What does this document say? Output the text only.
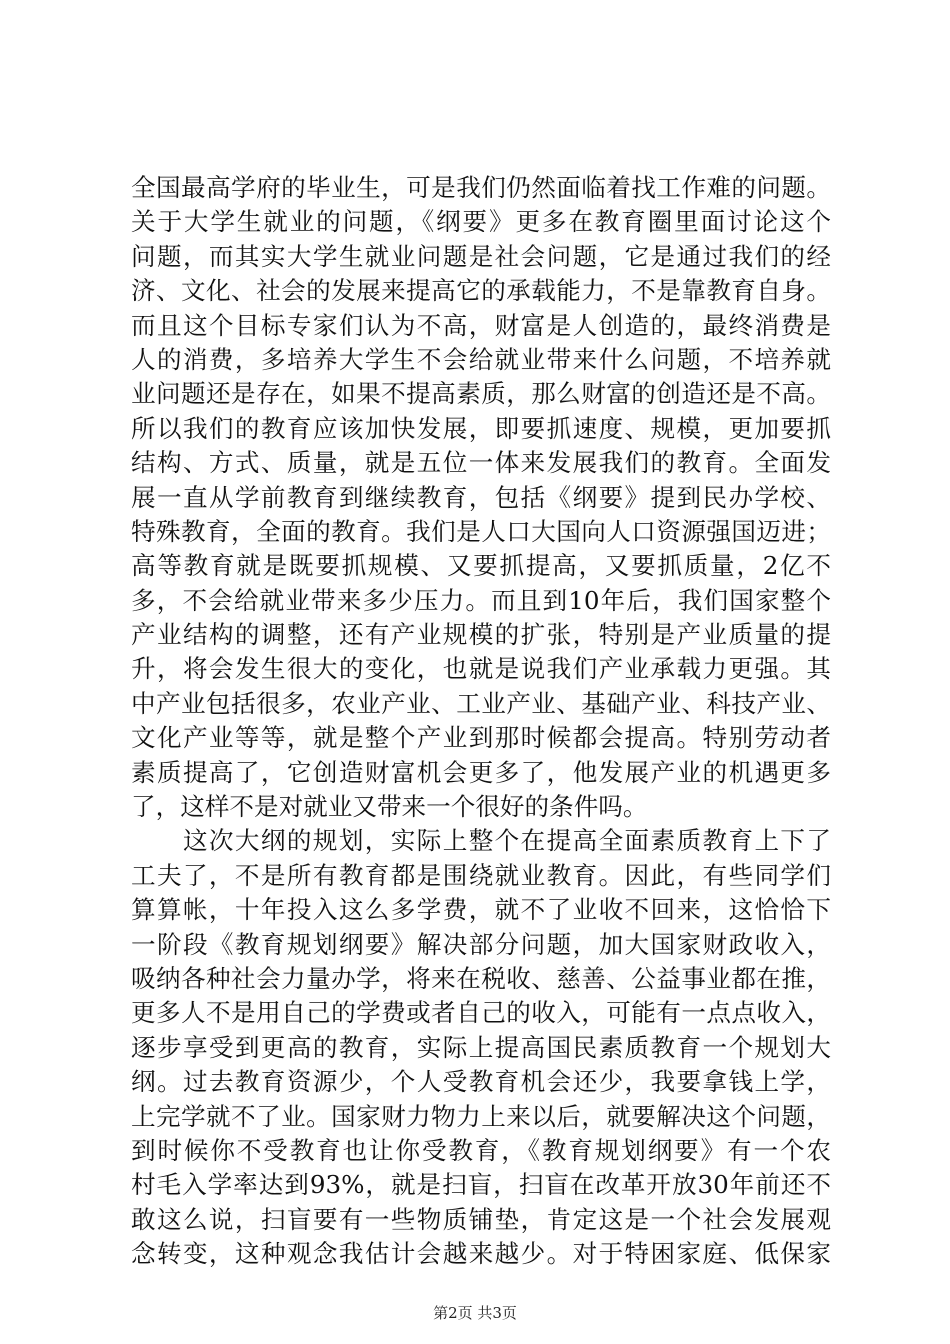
全国最高学府的毕业生，可是我们仍然面临着找工作难的问题。
关于大学生就业的问题，《纲要》更多在教育圈里面讨论这个
问题，而其实大学生就业问题是社会问题，它是通过我们的经
济、文化、社会的发展来提高它的承载能力，不是靠教育自身。
而且这个目标专家们认为不高，财富是人创造的，最终消费是
人的消费，多培养大学生不会给就业带来什么问题，不培养就
业问题还是存在，如果不提高素质，那么财富的创造还是不高。
所以我们的教育应该加快发展，即要抓速度、规模，更加要抓
结构、方式、质量，就是五位一体来发展我们的教育。全面发
展一直从学前教育到继续教育，包括《纲要》提到民办学校、
特殊教育，全面的教育。我们是人口大国向人口资源强国迈进；
高等教育就是既要抓规模、又要抓提高，又要抓质量，2亿不
多，不会给就业带来多少压力。而且到10年后，我们国家整个
产业结构的调整，还有产业规模的扩张，特别是产业质量的提
升，将会发生很大的变化，也就是说我们产业承载力更强。其
中产业包括很多，农业产业、工业产业、基础产业、科技产业、
文化产业等等，就是整个产业到那时候都会提高。特别劳动者
素质提高了，它创造财富机会更多了，他发展产业的机遇更多
了，这样不是对就业又带来一个很好的条件吗。
　　这次大纲的规划，实际上整个在提高全面素质教育上下了
工夫了，不是所有教育都是围绕就业教育。因此，有些同学们
算算帐，十年投入这么多学费，就不了业收不回来，这恰恰下
一阶段《教育规划纲要》解决部分问题，加大国家财政收入，
吸纳各种社会力量办学，将来在税收、慈善、公益事业都在推，
更多人不是用自己的学费或者自己的收入，可能有一点点收入，
逐步享受到更高的教育，实际上提高国民素质教育一个规划大
纲。过去教育资源少，个人受教育机会还少，我要拿钱上学，
上完学就不了业。国家财力物力上来以后，就要解决这个问题，
到时候你不受教育也让你受教育，《教育规划纲要》有一个农
村毛入学率达到93%，就是扫盲，扫盲在改革开放30年前还不
敢这么说，扫盲要有一些物质铺垫，肯定这是一个社会发展观
念转变，这种观念我估计会越来越少。对于特困家庭、低保家
第2页 共3页
